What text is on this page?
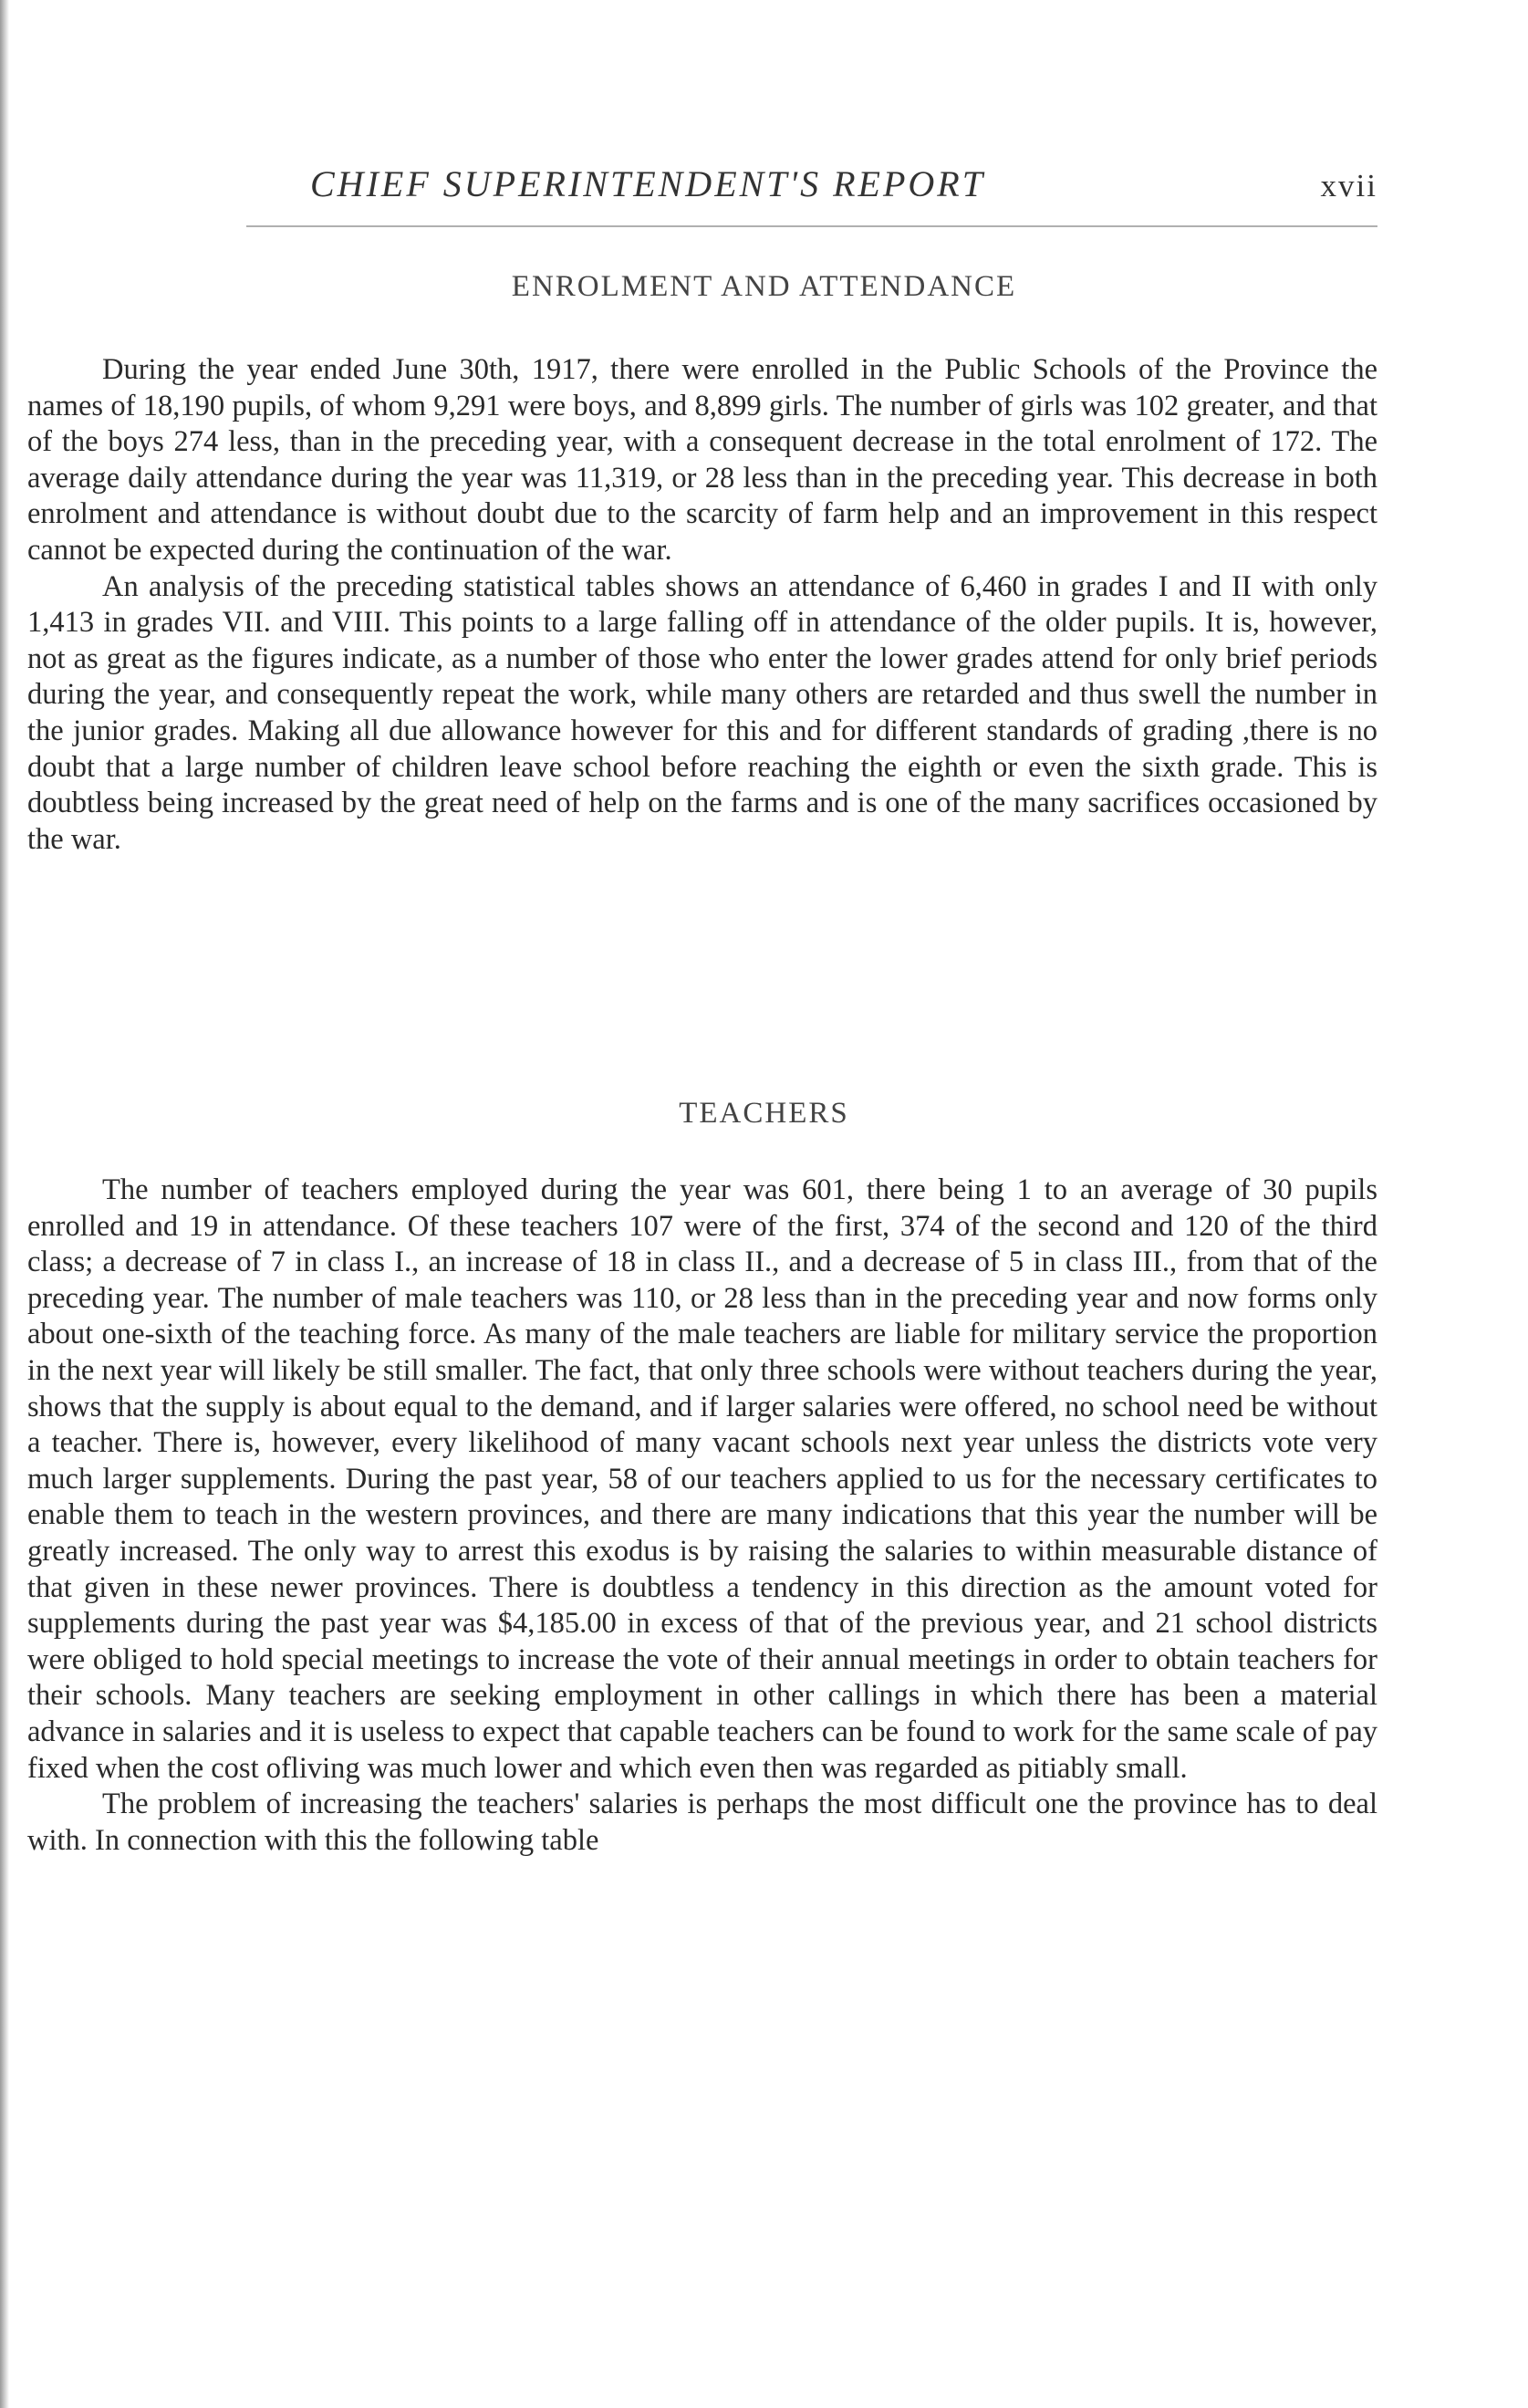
CHIEF SUPERINTENDENT'S REPORT	xvii
ENROLMENT AND ATTENDANCE

During the year ended June 30th, 1917, there were enrolled in the Public Schools of the Province the names of 18,190 pupils, of whom 9,291 were boys, and 8,899 girls. The number of girls was 102 greater, and that of the boys 274 less, than in the preceding year, with a consequent decrease in the total enrolment of 172. The average daily attendance during the year was 11,319, or 28 less than in the preceding year. This decrease in both enrolment and attendance is without doubt due to the scarcity of farm help and an improvement in this respect cannot be expected during the continuation of the war.

An analysis of the preceding statistical tables shows an attendance of 6,460 in grades I and II with only 1,413 in grades VII. and VIII. This points to a large falling off in attendance of the older pupils. It is, however, not as great as the figures indicate, as a number of those who enter the lower grades attend for only brief periods during the year, and consequently repeat the work, while many others are retarded and thus swell the number in the junior grades. Making all due allowance however for this and for different standards of grading ,there is no doubt that a large number of children leave school before reaching the eighth or even the sixth grade. This is doubtless being increased by the great need of help on the farms and is one of the many sacrifices occasioned by the war.

TEACHERS

The number of teachers employed during the year was 601, there being 1 to an average of 30 pupils enrolled and 19 in attendance. Of these teachers 107 were of the first, 374 of the second and 120 of the third class; a decrease of 7 in class I., an increase of 18 in class II., and a decrease of 5 in class III., from that of the preceding year. The number of male teachers was 110, or 28 less than in the preceding year and now forms only about one-sixth of the teaching force. As many of the male teachers are liable for military service the proportion in the next year will likely be still smaller. The fact, that only three schools were without teachers during the year, shows that the supply is about equal to the demand, and if larger salaries were offered, no school need be without a teacher. There is, however, every likelihood of many vacant schools next year unless the districts vote very much larger supplements. During the past year, 58 of our teachers applied to us for the necessary certificates to enable them to teach in the western provinces, and there are many indications that this year the number will be greatly increased. The only way to arrest this exodus is by raising the salaries to within measurable distance of that given in these newer provinces. There is doubtless a tendency in this direction as the amount voted for supplements during the past year was $4,185.00 in excess of that of the previous year, and 21 school districts were obliged to hold special meetings to increase the vote of their annual meetings in order to obtain teachers for their schools. Many teachers are seeking employment in other callings in which there has been a material advance in salaries and it is useless to expect that capable teachers can be found to work for the same scale of pay fixed when the cost ofliving was much lower and which even then was regarded as pitiably small.

The problem of increasing the teachers' salaries is perhaps the most difficult one the province has to deal with. In connection with this the following table
